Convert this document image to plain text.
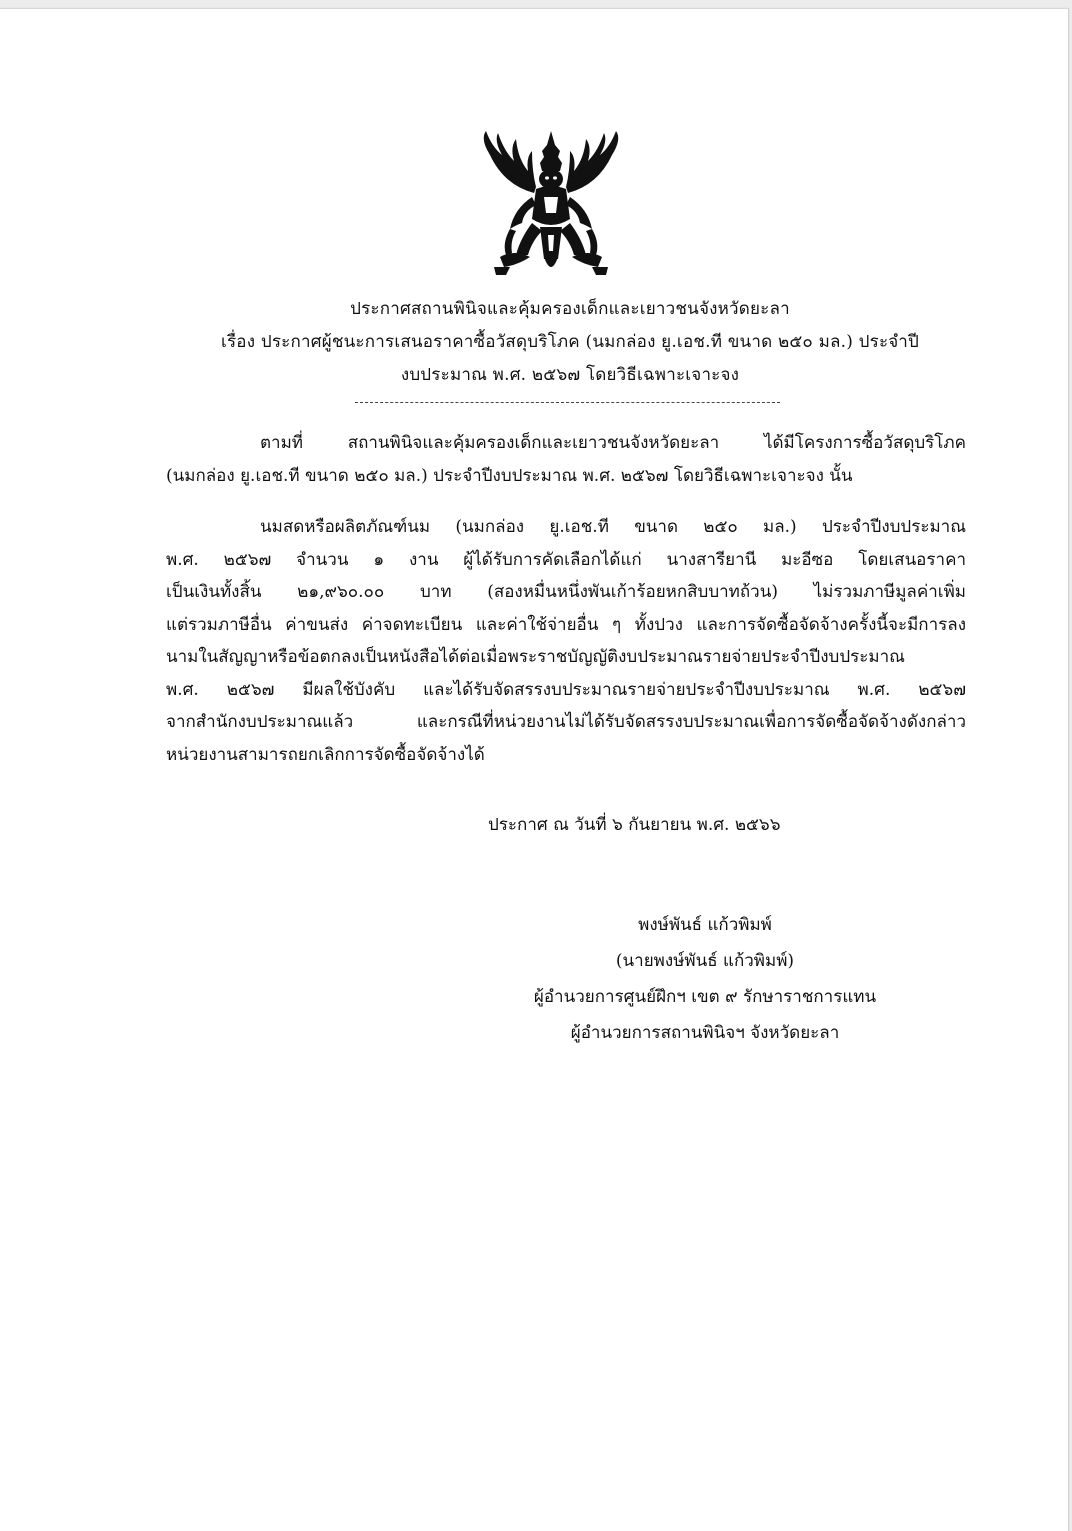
ประกาศสถานพินิจและคุ้มครองเด็กและเยาวชนจังหวัดยะลา
เรื่อง ประกาศผู้ชนะการเสนอราคาซื้อวัสดุบริโภค (นมกล่อง ยู.เอช.ที ขนาด ๒๕๐ มล.) ประจำปี
งบประมาณ พ.ศ. ๒๕๖๗ โดยวิธีเฉพาะเจาะจง
ตามที่ สถานพินิจและคุ้มครองเด็กและเยาวชนจังหวัดยะลา ได้มีโครงการซื้อวัสดุบริโภค
(นมกล่อง ยู.เอช.ที ขนาด ๒๕๐ มล.) ประจำปีงบประมาณ พ.ศ. ๒๕๖๗ โดยวิธีเฉพาะเจาะจง นั้น
นมสดหรือผลิตภัณฑ์นม (นมกล่อง ยู.เอช.ที ขนาด ๒๕๐ มล.) ประจำปีงบประมาณ
พ.ศ. ๒๕๖๗ จำนวน ๑ งาน ผู้ได้รับการคัดเลือกได้แก่ นางสารียานี มะอีซอ โดยเสนอราคา
เป็นเงินทั้งสิ้น ๒๑,๙๖๐.๐๐ บาท (สองหมื่นหนึ่งพันเก้าร้อยหกสิบบาทถ้วน) ไม่รวมภาษีมูลค่าเพิ่ม
แต่รวมภาษีอื่น ค่าขนส่ง ค่าจดทะเบียน และค่าใช้จ่ายอื่น ๆ ทั้งปวง และการจัดซื้อจัดจ้างครั้งนี้จะมีการลง
นามในสัญญาหรือข้อตกลงเป็นหนังสือได้ต่อเมื่อพระราชบัญญัติงบประมาณรายจ่ายประจำปีงบประมาณ
พ.ศ. ๒๕๖๗ มีผลใช้บังคับ และได้รับจัดสรรงบประมาณรายจ่ายประจำปีงบประมาณ พ.ศ. ๒๕๖๗
จากสำนักงบประมาณแล้ว และกรณีที่หน่วยงานไม่ได้รับจัดสรรงบประมาณเพื่อการจัดซื้อจัดจ้างดังกล่าว
หน่วยงานสามารถยกเลิกการจัดซื้อจัดจ้างได้
ประกาศ ณ วันที่ ๖ กันยายน พ.ศ. ๒๕๖๖
พงษ์พันธ์ แก้วพิมพ์
(นายพงษ์พันธ์ แก้วพิมพ์)
ผู้อำนวยการศูนย์ฝึกฯ เขต ๙ รักษาราชการแทน
ผู้อำนวยการสถานพินิจฯ จังหวัดยะลา
